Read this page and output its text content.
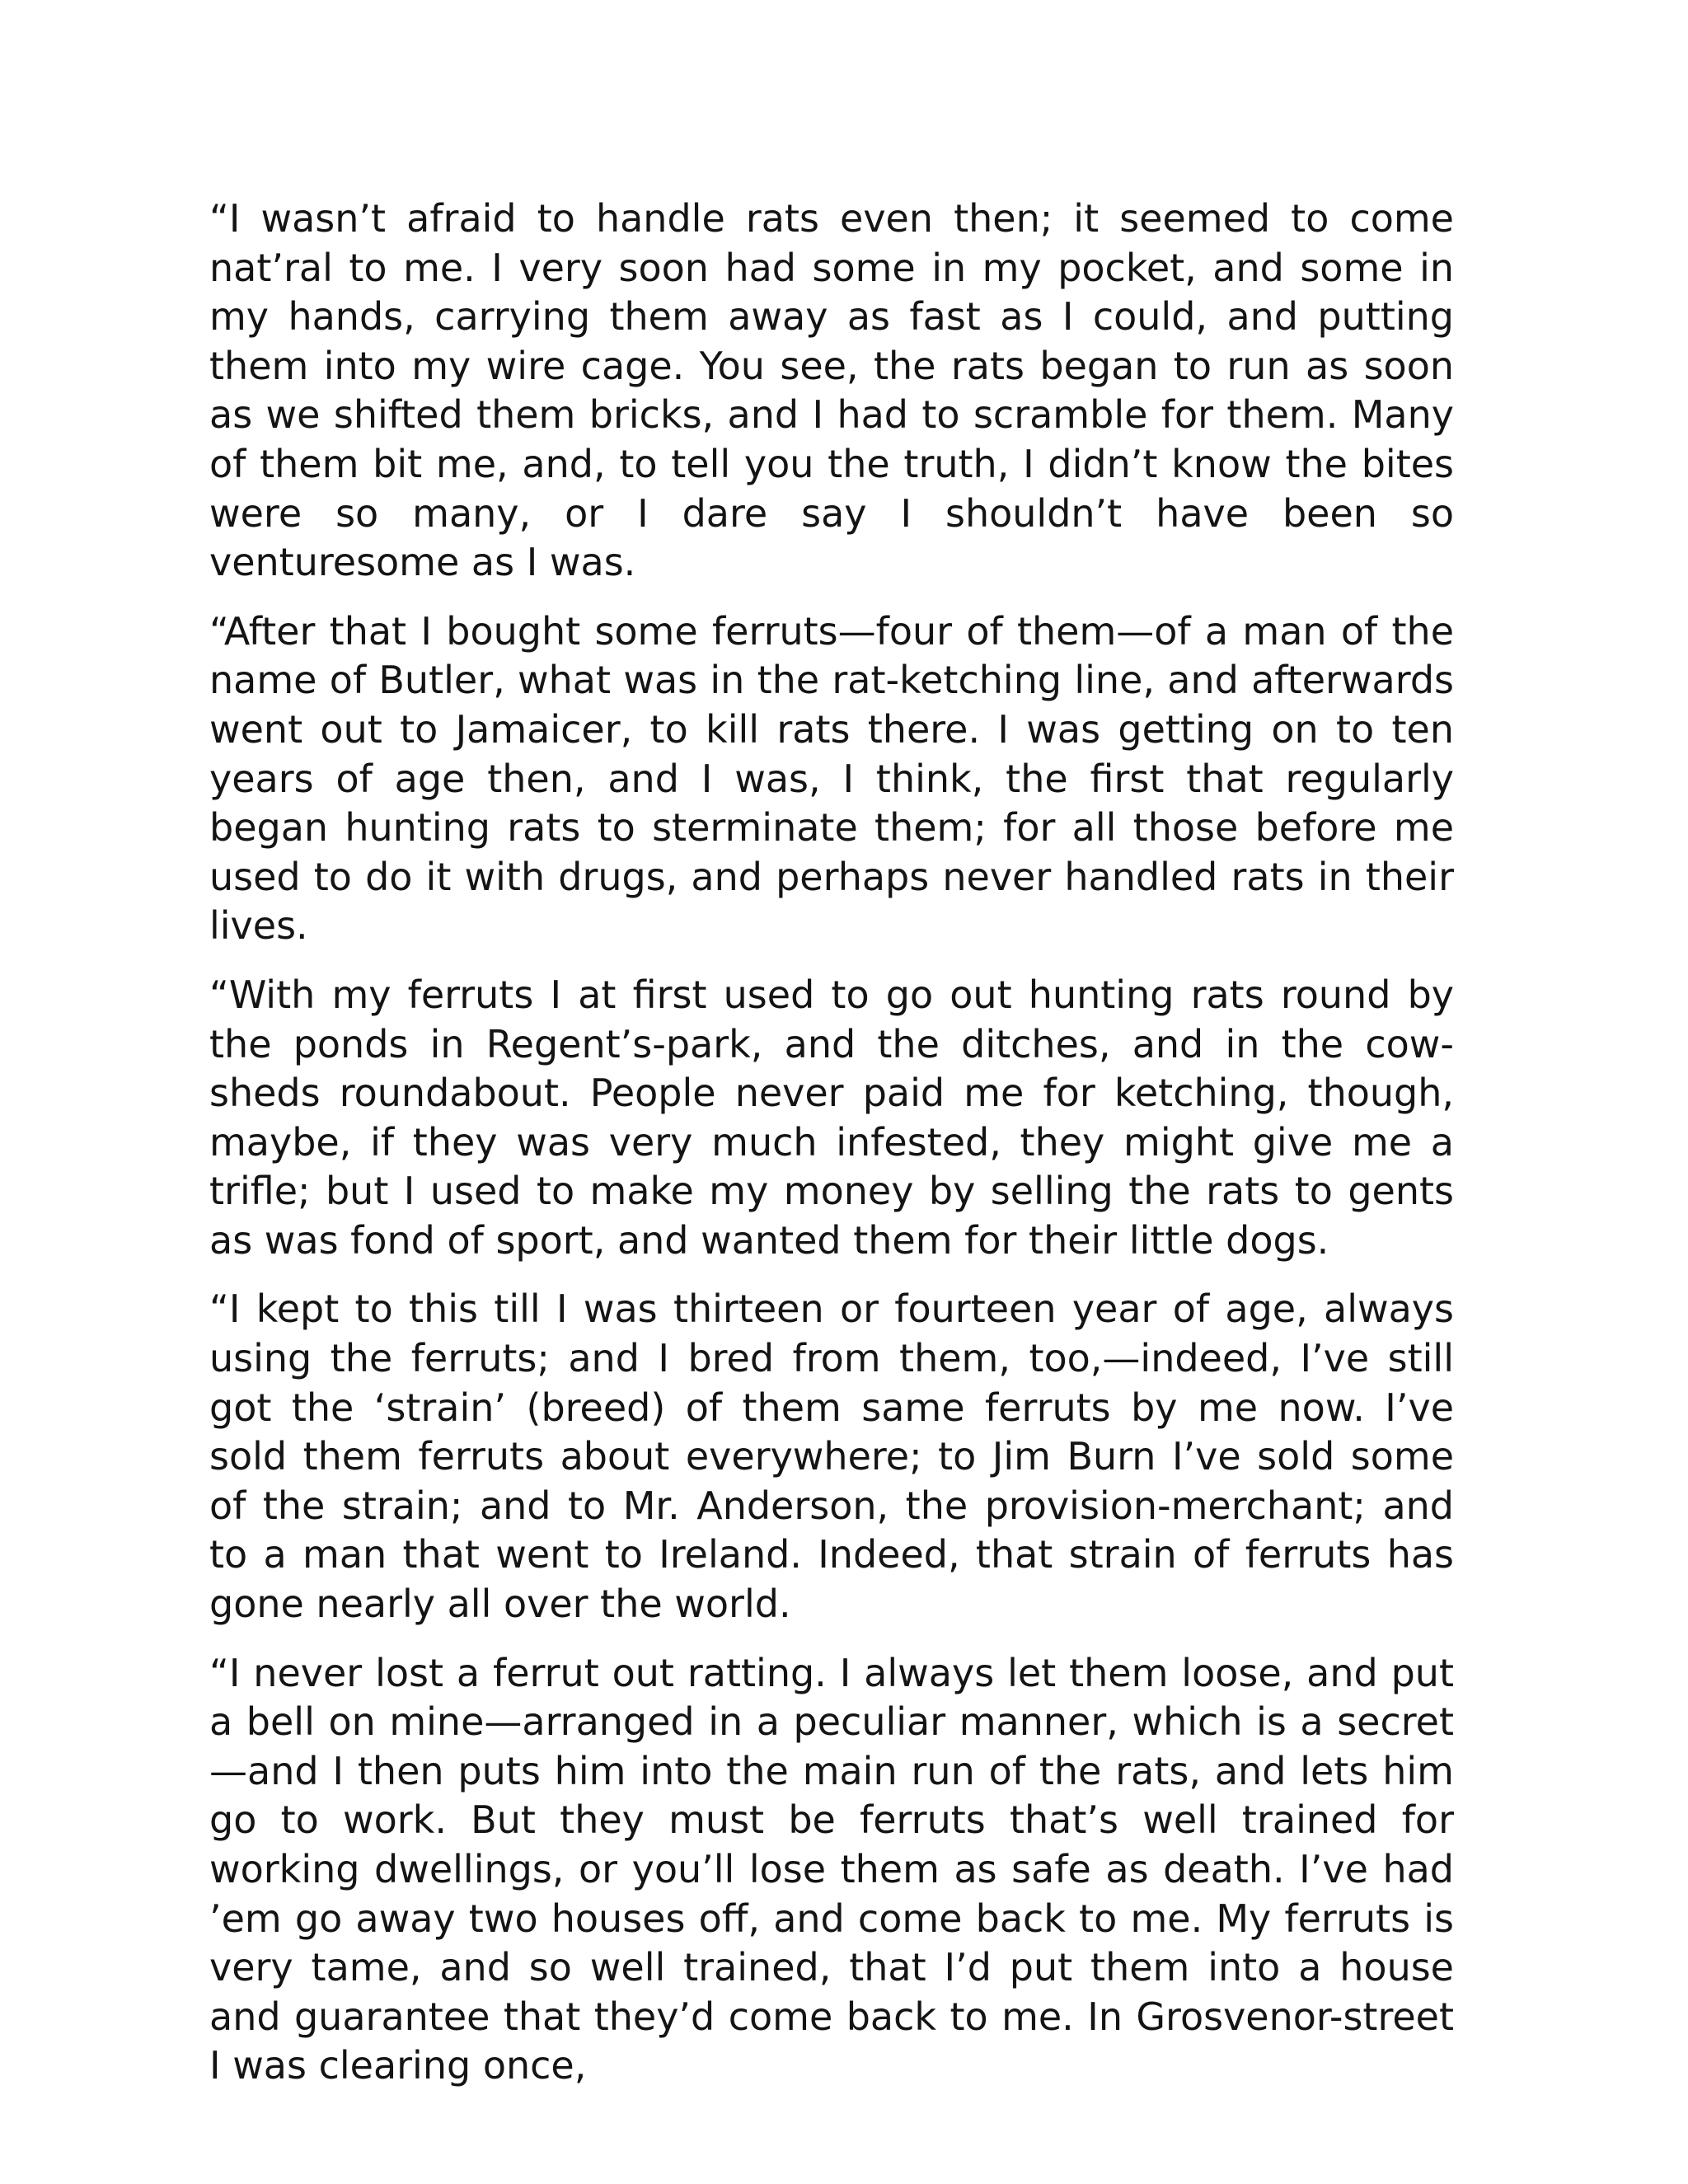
“I wasn’t afraid to handle rats even then; it seemed to come nat’ral to me. I very soon had some in my pocket, and some in my hands, carrying them away as fast as I could, and putting them into my wire cage. You see, the rats began to run as soon as we shifted them bricks, and I had to scramble for them. Many of them bit me, and, to tell you the truth, I didn’t know the bites were so many, or I dare say I shouldn’t have been so venturesome as I was.

“After that I bought some ferruts—four of them—of a man of the name of Butler, what was in the rat-ketching line, and afterwards went out to Jamaicer, to kill rats there. I was getting on to ten years of age then, and I was, I think, the first that regularly began hunting rats to sterminate them; for all those before me used to do it with drugs, and perhaps never handled rats in their lives.

“With my ferruts I at first used to go out hunting rats round by the ponds in Regent’s-park, and the ditches, and in the cow-sheds roundabout. People never paid me for ketching, though, maybe, if they was very much infested, they might give me a trifle; but I used to make my money by selling the rats to gents as was fond of sport, and wanted them for their little dogs.

“I kept to this till I was thirteen or fourteen year of age, always using the ferruts; and I bred from them, too,—indeed, I’ve still got the ‘strain’ (breed) of them same ferruts by me now. I’ve sold them ferruts about everywhere; to Jim Burn I’ve sold some of the strain; and to Mr. Anderson, the provision-merchant; and to a man that went to Ireland. Indeed, that strain of ferruts has gone nearly all over the world.

“I never lost a ferrut out ratting. I always let them loose, and put a bell on mine—arranged in a peculiar manner, which is a secret—and I then puts him into the main run of the rats, and lets him go to work. But they must be ferruts that’s well trained for working dwellings, or you’ll lose them as safe as death. I’ve had ’em go away two houses off, and come back to me. My ferruts is very tame, and so well trained, that I’d put them into a house and guarantee that they’d come back to me. In Grosvenor-street I was clearing once,
